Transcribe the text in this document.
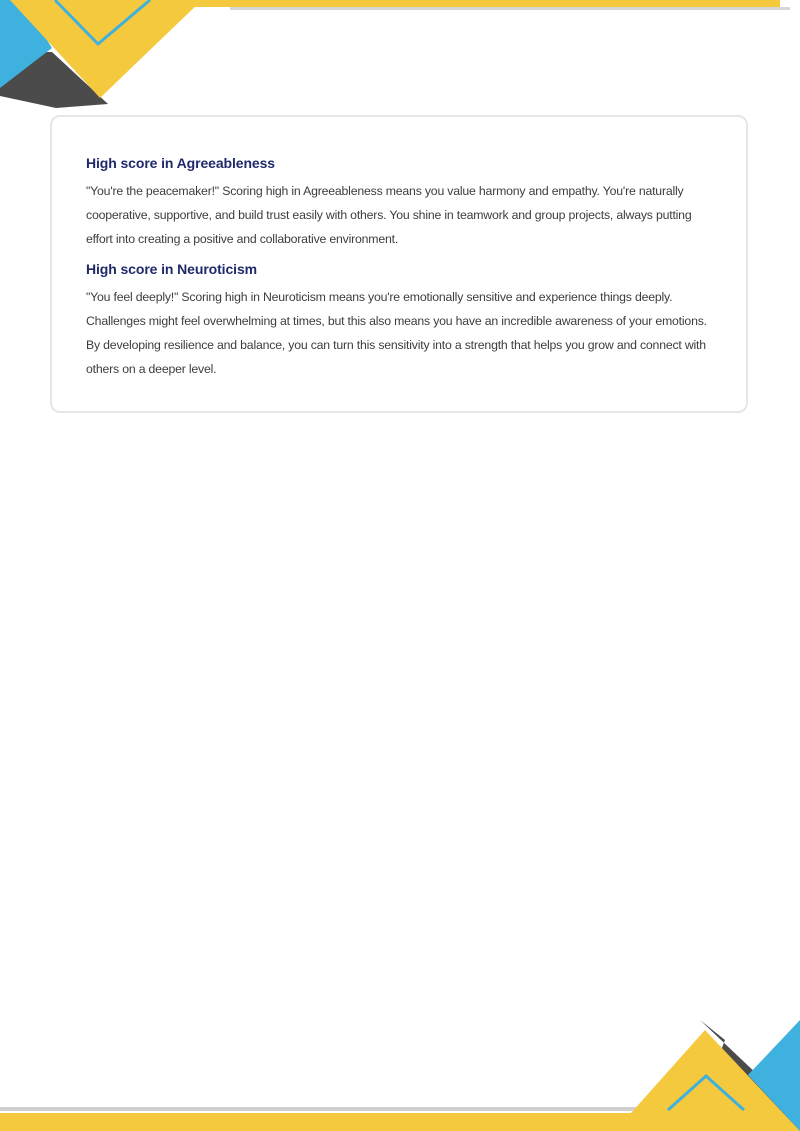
High score in Agreeableness

"You're the peacemaker!" Scoring high in Agreeableness means you value harmony and empathy. You're naturally cooperative, supportive, and build trust easily with others. You shine in teamwork and group projects, always putting effort into creating a positive and collaborative environment.

High score in Neuroticism

"You feel deeply!" Scoring high in Neuroticism means you're emotionally sensitive and experience things deeply. Challenges might feel overwhelming at times, but this also means you have an incredible awareness of your emotions. By developing resilience and balance, you can turn this sensitivity into a strength that helps you grow and connect with others on a deeper level.
